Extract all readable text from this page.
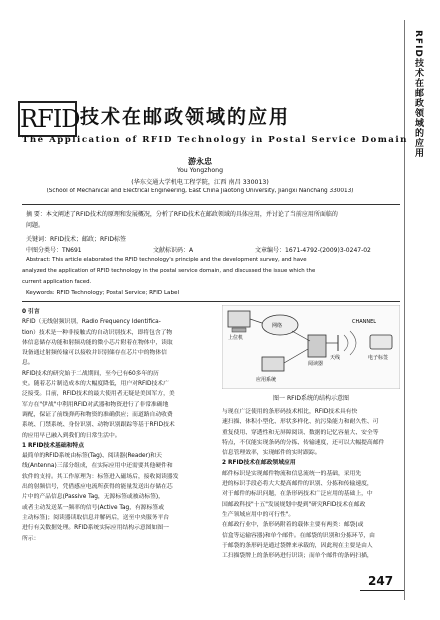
RFID技术在邮政领域的应用
RFID 技术在邮政领域的应用
The Application of RFID Technology in Postal Service Domain
游永忠
You Yongzhong
(华东交通大学机电工程学院，江西 南昌 330013)
(School of Mechanical and Electrical Engineering, East China Jiaotong University, Jiangxi Nanchang 330013)
摘 要：本文阐述了RFID技术的原理和发展概况，分析了RFID技术在邮政领域的具体应用，并讨论了当前应用所面临的
问题。
关键词：RFID技术；邮政；RFID标签
中图分类号：TN691	文献标识码：A	文章编号：1671-4792-(2009)3-0247-02
Abstract: This article elaborated the RFID technology's principle and the development survey, and have
analyzed the application of RFID technology in the postal service domain, and discussed the issue which the
current application faced.
Keywords: RFID Technology; Postal Service; RFID Label
0 引言
RFID（无线射频识别，Radio Frequency Identifica-
tion）技术是一种非接触式的自动识别技术，即将包含了物
体信息储存功能和射频功能的微小芯片附着在物体中，读取
设备通过射频传输可以接收并识别储存在芯片中的物体信
息。
RFID技术的研究始于二战期间，至今已有60多年的历
史。随着芯片制造成本的大幅度降低，用户对RFID技术广
泛接受。目前，RFID技术的最大使用者无疑是美国军方，美
军方在"伊战"中利用RFID对武器和物资进行了非常准确地
调配，保证了前线弹药和物资的准确供应；而道路自动收费
系统、门禁系统、身份识别、动物识别跟踪等基于RFID技术
的应用早已融入到我们的日常生活中。
1 RFID技术基础和特点
最简单的RFID系统由标签(Tag)、阅读器(Reader)和天
线(Antenna)三部分组成，在实际应用中还需要其他硬件和
软件的支持。其工作原理为：标签进入磁场后，接收阅读器发
出的射频信号，凭借感应电流所获得的能量发送出存储在芯
片中的产品信息(Passive Tag，无源标签或被动标签)，
或者主动发送某一频率的信号(Active Tag，有源标签或
主动标签)；阅读器读取信息并解码后，送至中央服务平台
进行有关数据处理。RFID系统实际应用结构示意图如图一
所示：
上位机
网络
阅读器
天线
CHANNEL
电子标签
应用系统
图一 RFID系统的结构示意图
与现在广泛使用的条形码技术相比，RFID技术具有快
速扫描、体积小型化、形状多样化、抗污染能力和耐久性、可
重复使用、穿透性和无屏障阅读、数据的记忆容量大、安全等
特点，不仅能实现条码的分拣、传输速度，还可以大幅提高邮件
信息管理效率，实现邮件的实时跟踪。
2 RFID技术在邮政领域应用
邮件标识是实现邮件物流和信息流统一的基础，采用先
进的标识手段必将大大提高邮件的识别、分拣和传输速度，
对于邮件的标识问题，在条形码技术广泛应用的基础上，中
国邮政科技"十五"发展规划中提到"研究RFID技术在邮政
生产领域应用中的可行性"。
在邮政行业中，条形码附着的载体主要有两类：邮袋(或
信盒等运输容器)和单个邮件。在邮袋的识别和分拣环节，由
于邮袋的条形码是通过袋牌来承载的，因此现在主要是由人
工扫描袋牌上的条形码进行识读；而单个邮件的条码扫描，
247
